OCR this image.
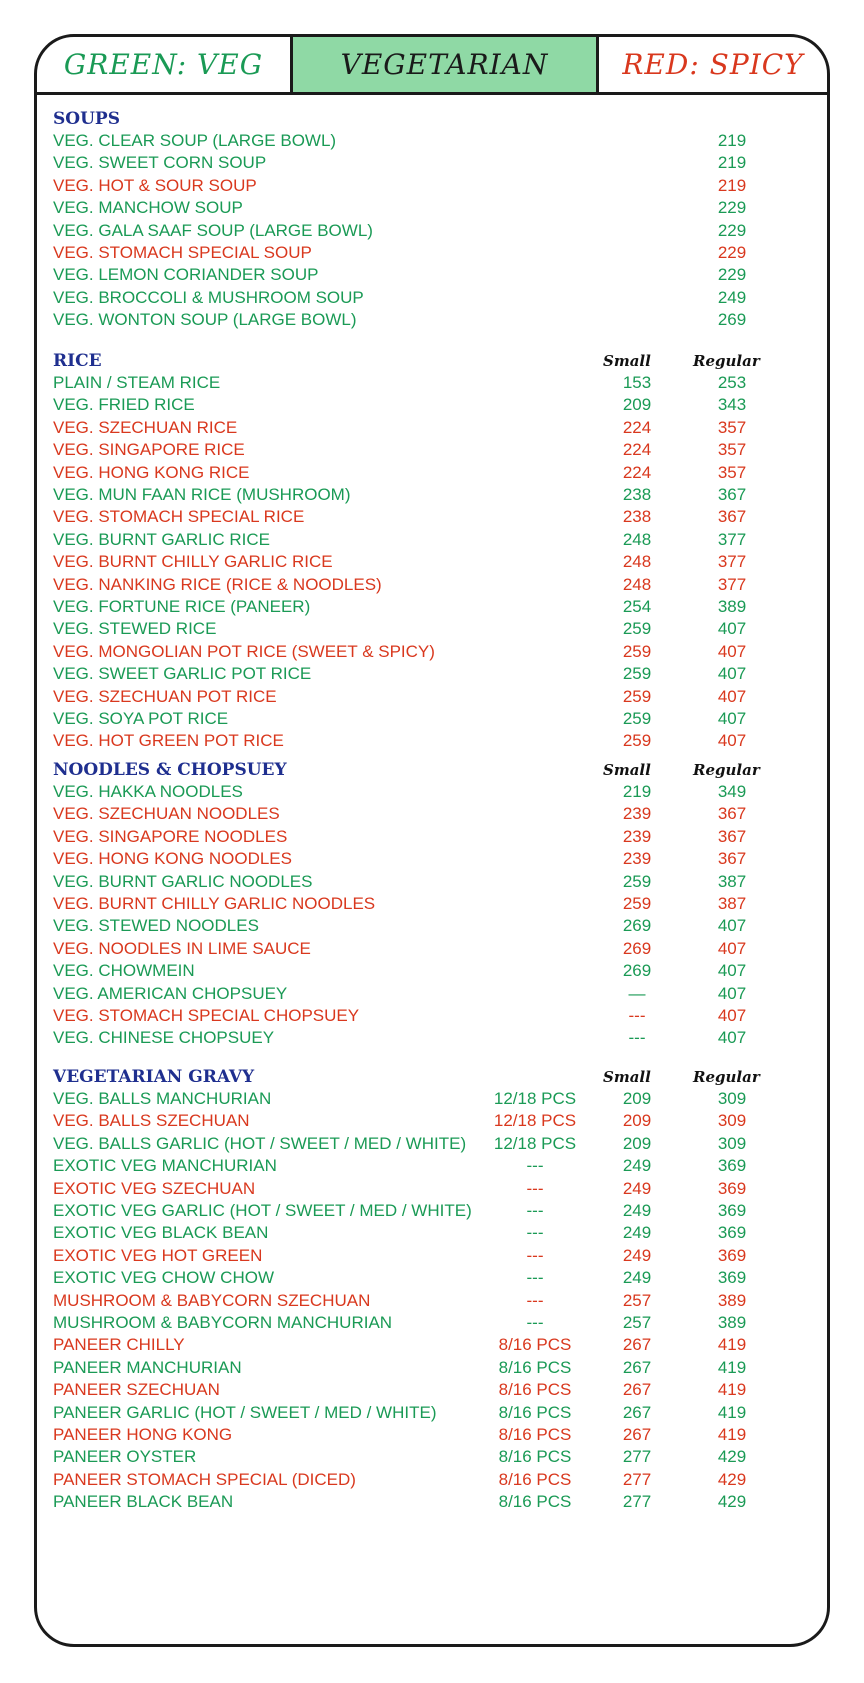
GREEN: VEG	VEGETARIAN	RED: SPICY
SOUPS
VEG. CLEAR SOUP (LARGE BOWL)	219
VEG. SWEET CORN SOUP	219
VEG. HOT & SOUR SOUP	219
VEG. MANCHOW SOUP	229
VEG. GALA SAAF SOUP (LARGE BOWL)	229
VEG. STOMACH SPECIAL SOUP	229
VEG. LEMON CORIANDER SOUP	229
VEG. BROCCOLI & MUSHROOM SOUP	249
VEG. WONTON SOUP (LARGE BOWL)	269
RICE	Small	Regular
PLAIN / STEAM RICE	153	253
VEG. FRIED RICE	209	343
VEG. SZECHUAN RICE	224	357
VEG. SINGAPORE RICE	224	357
VEG. HONG KONG RICE	224	357
VEG. MUN FAAN RICE (MUSHROOM)	238	367
VEG. STOMACH SPECIAL RICE	238	367
VEG. BURNT GARLIC RICE	248	377
VEG. BURNT CHILLY GARLIC RICE	248	377
VEG. NANKING RICE (RICE & NOODLES)	248	377
VEG. FORTUNE RICE (PANEER)	254	389
VEG. STEWED RICE	259	407
VEG. MONGOLIAN POT RICE (SWEET & SPICY)	259	407
VEG. SWEET GARLIC POT RICE	259	407
VEG. SZECHUAN POT RICE	259	407
VEG. SOYA POT RICE	259	407
VEG. HOT GREEN POT RICE	259	407
NOODLES & CHOPSUEY	Small	Regular
VEG. HAKKA NOODLES	219	349
VEG. SZECHUAN NOODLES	239	367
VEG. SINGAPORE NOODLES	239	367
VEG. HONG KONG NOODLES	239	367
VEG. BURNT GARLIC NOODLES	259	387
VEG. BURNT CHILLY GARLIC NOODLES	259	387
VEG. STEWED NOODLES	269	407
VEG. NOODLES IN LIME SAUCE	269	407
VEG. CHOWMEIN	269	407
VEG. AMERICAN CHOPSUEY	—	407
VEG. STOMACH SPECIAL CHOPSUEY	---	407
VEG. CHINESE CHOPSUEY	---	407
VEGETARIAN GRAVY	Small	Regular
VEG. BALLS MANCHURIAN	12/18 PCS	209	309
VEG. BALLS SZECHUAN	12/18 PCS	209	309
VEG. BALLS GARLIC (HOT / SWEET / MED / WHITE)	12/18 PCS	209	309
EXOTIC VEG MANCHURIAN	---	249	369
EXOTIC VEG SZECHUAN	---	249	369
EXOTIC VEG GARLIC (HOT / SWEET / MED / WHITE)	---	249	369
EXOTIC VEG BLACK BEAN	---	249	369
EXOTIC VEG HOT GREEN	---	249	369
EXOTIC VEG CHOW CHOW	---	249	369
MUSHROOM & BABYCORN SZECHUAN	---	257	389
MUSHROOM & BABYCORN MANCHURIAN	---	257	389
PANEER CHILLY	8/16 PCS	267	419
PANEER MANCHURIAN	8/16 PCS	267	419
PANEER SZECHUAN	8/16 PCS	267	419
PANEER GARLIC (HOT / SWEET / MED / WHITE)	8/16 PCS	267	419
PANEER HONG KONG	8/16 PCS	267	419
PANEER OYSTER	8/16 PCS	277	429
PANEER STOMACH SPECIAL (DICED)	8/16 PCS	277	429
PANEER BLACK BEAN	8/16 PCS	277	429
